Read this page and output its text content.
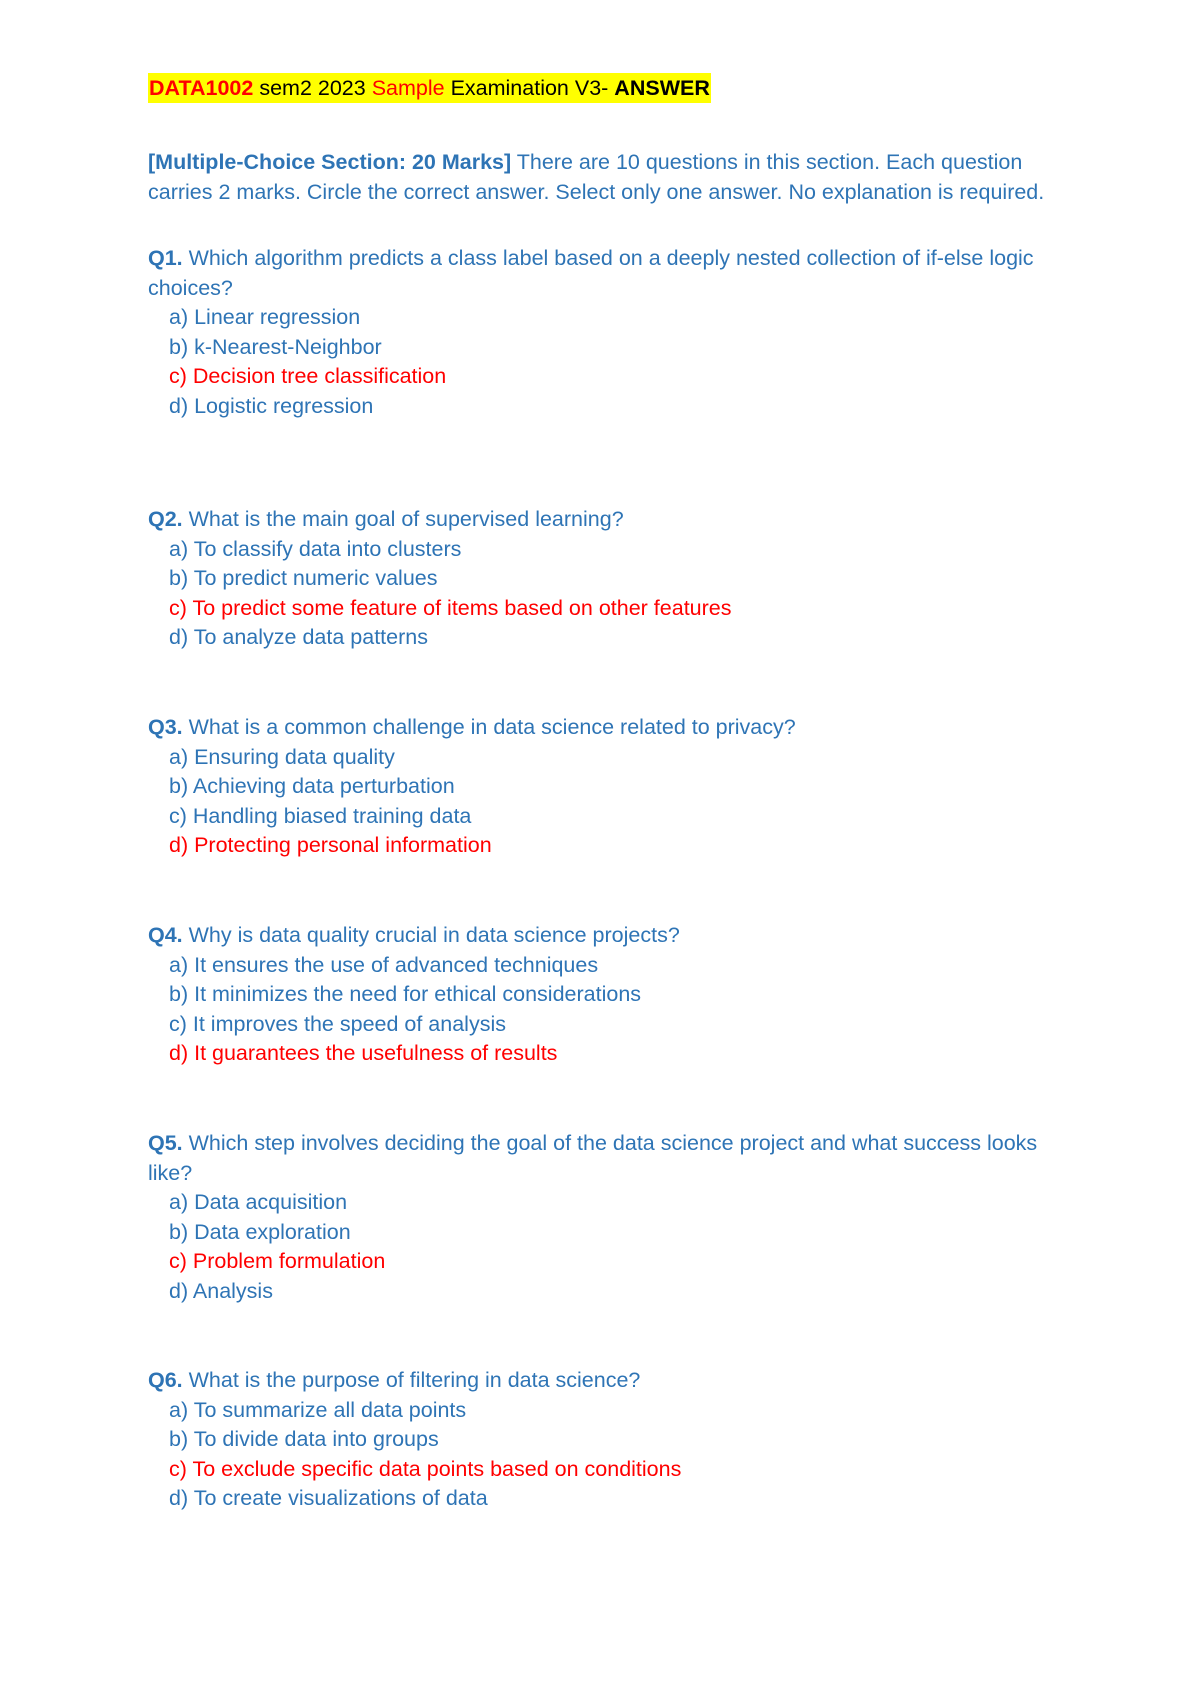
DATA1002 sem2 2023 Sample Examination V3- ANSWER
[Multiple-Choice Section: 20 Marks] There are 10 questions in this section. Each question carries 2 marks. Circle the correct answer. Select only one answer. No explanation is required.
Q1. Which algorithm predicts a class label based on a deeply nested collection of if-else logic choices?
a) Linear regression
b) k-Nearest-Neighbor
c) Decision tree classification
d) Logistic regression
Q2. What is the main goal of supervised learning?
a) To classify data into clusters
b) To predict numeric values
c) To predict some feature of items based on other features
d) To analyze data patterns
Q3. What is a common challenge in data science related to privacy?
a) Ensuring data quality
b) Achieving data perturbation
c) Handling biased training data
d) Protecting personal information
Q4. Why is data quality crucial in data science projects?
a) It ensures the use of advanced techniques
b) It minimizes the need for ethical considerations
c) It improves the speed of analysis
d) It guarantees the usefulness of results
Q5. Which step involves deciding the goal of the data science project and what success looks like?
a) Data acquisition
b) Data exploration
c) Problem formulation
d) Analysis
Q6. What is the purpose of filtering in data science?
a) To summarize all data points
b) To divide data into groups
c) To exclude specific data points based on conditions
d) To create visualizations of data
